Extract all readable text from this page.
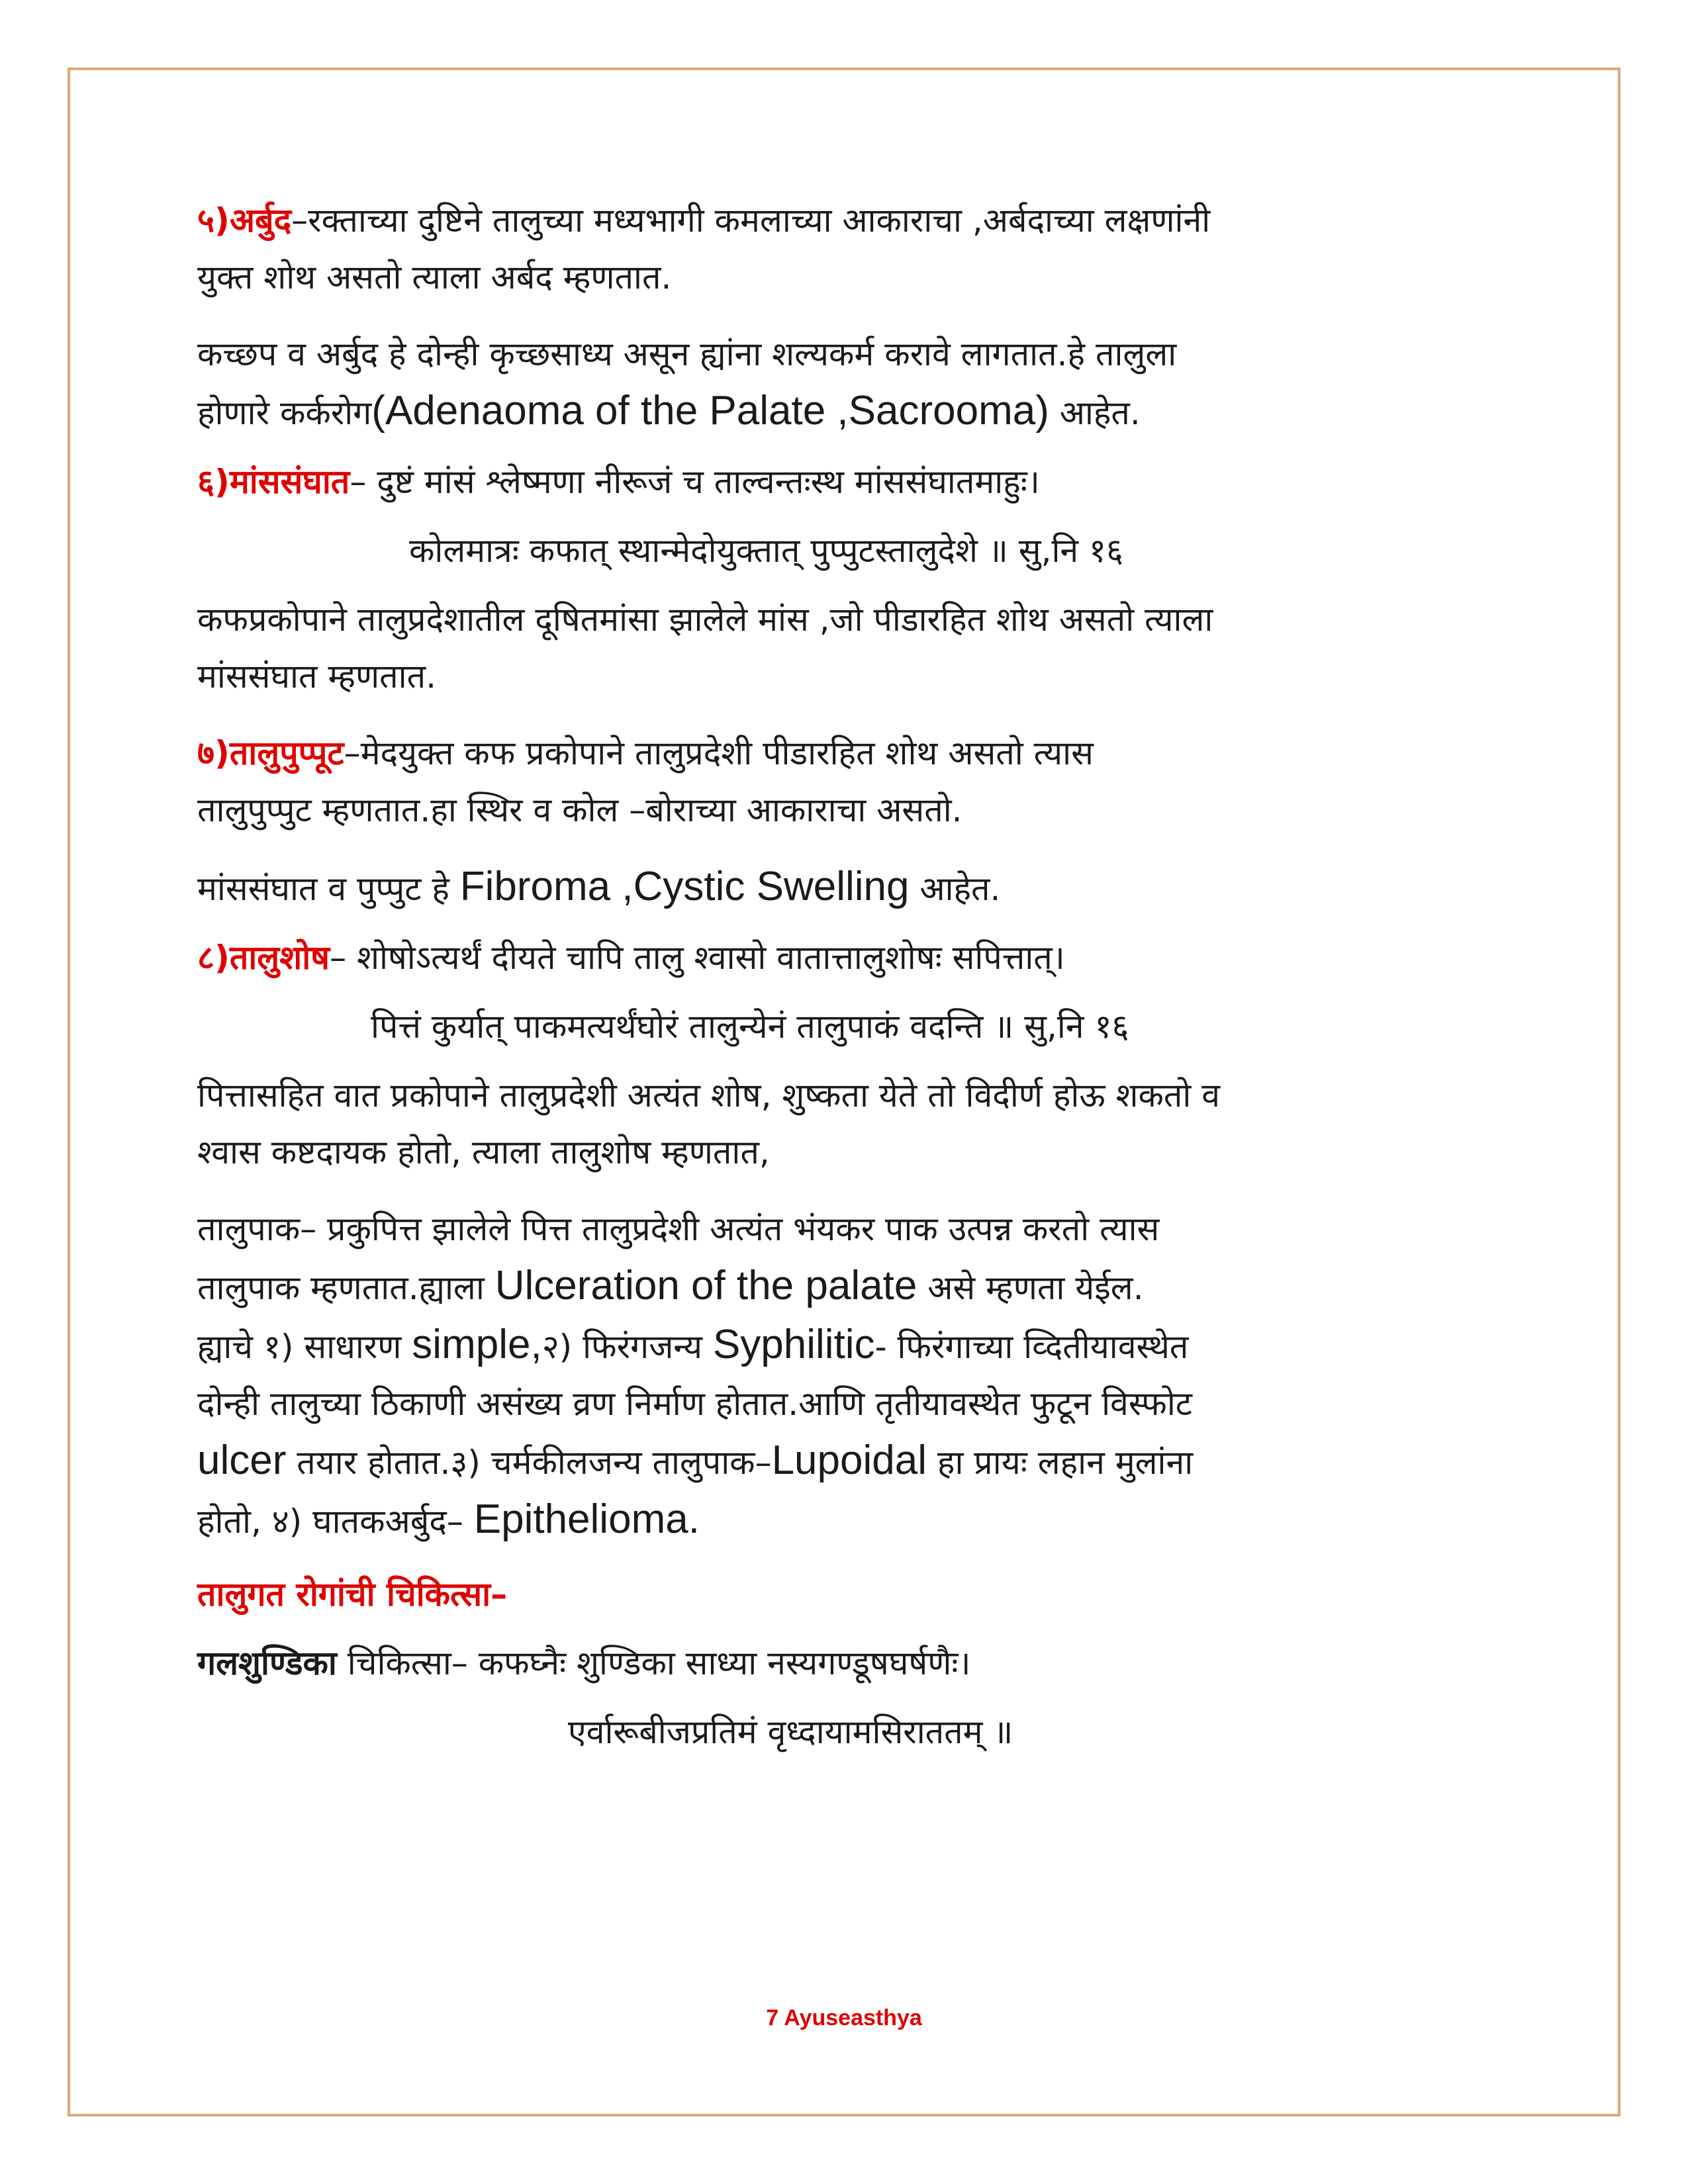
५)अर्बुद–रक्ताच्या दुष्टिने तालुच्या मध्यभागी कमलाच्या आकाराचा ,अर्बदाच्या लक्षणांनी

युक्त शोथ असतो त्याला अर्बद म्हणतात.

कच्छप व अर्बुद हे दोन्ही कृच्छसाध्य असून ह्यांना शल्यकर्म करावे लागतात.हे तालुला

होणारे कर्करोग(Adenaoma of the Palate ,Sacrooma) आहेत.

६)मांससंघात– दुष्टं मांसं श्लेष्मणा नीरूजं च ताल्वन्तःस्थ मांससंघातमाहुः।

कोलमात्रः कफात् स्थान्मेदोयुक्तात् पुप्पुटस्तालुदेशे ॥ सु,नि १६

कफप्रकोपाने तालुप्रदेशातील दूषितमांसा झालेले मांस ,जो पीडारहित शोथ असतो त्याला

मांससंघात म्हणतात.

७)तालुपुप्पूट–मेदयुक्त कफ प्रकोपाने तालुप्रदेशी पीडारहित शोथ असतो त्यास

तालुपुप्पुट म्हणतात.हा स्थिर व कोल –बोराच्या आकाराचा असतो.

मांससंघात व पुप्पुट हे Fibroma ,Cystic Swelling आहेत.

८)तालुशोष– शोषोऽत्यर्थं दीयते चापि तालु श्वासो वातात्तालुशोषः सपित्तात्।

पित्तं कुर्यात् पाकमत्यर्थंघोरं तालुन्येनं तालुपाकं वदन्ति ॥ सु,नि १६

पित्तासहित वात प्रकोपाने तालुप्रदेशी अत्यंत शोष, शुष्कता येते तो विदीर्ण होऊ शकतो व

श्वास कष्टदायक होतो, त्याला तालुशोष म्हणतात,

तालुपाक– प्रकुपित्त झालेले पित्त तालुप्रदेशी अत्यंत भंयकर पाक उत्पन्न करतो त्यास

तालुपाक म्हणतात.ह्याला Ulceration of the palate असे म्हणता येईल.

ह्याचे १) साधारण simple,२) फिरंगजन्य Syphilitic- फिरंगाच्या व्दितीयावस्थेत

दोन्ही तालुच्या ठिकाणी असंख्य व्रण निर्माण होतात.आणि तृतीयावस्थेत फुटून विस्फोट

ulcer तयार होतात.३) चर्मकीलजन्य तालुपाक–Lupoidal हा प्रायः लहान मुलांना

होतो, ४) घातकअर्बुद– Epithelioma.

तालुगत रोगांची चिकित्सा–

गलशुण्डिका चिकित्सा– कफघ्नैः शुण्डिका साध्या नस्यगण्डूषघर्षणैः।

एर्वारूबीजप्रतिमं वृध्दायामसिराततम् ॥

7 Ayuseasthya
